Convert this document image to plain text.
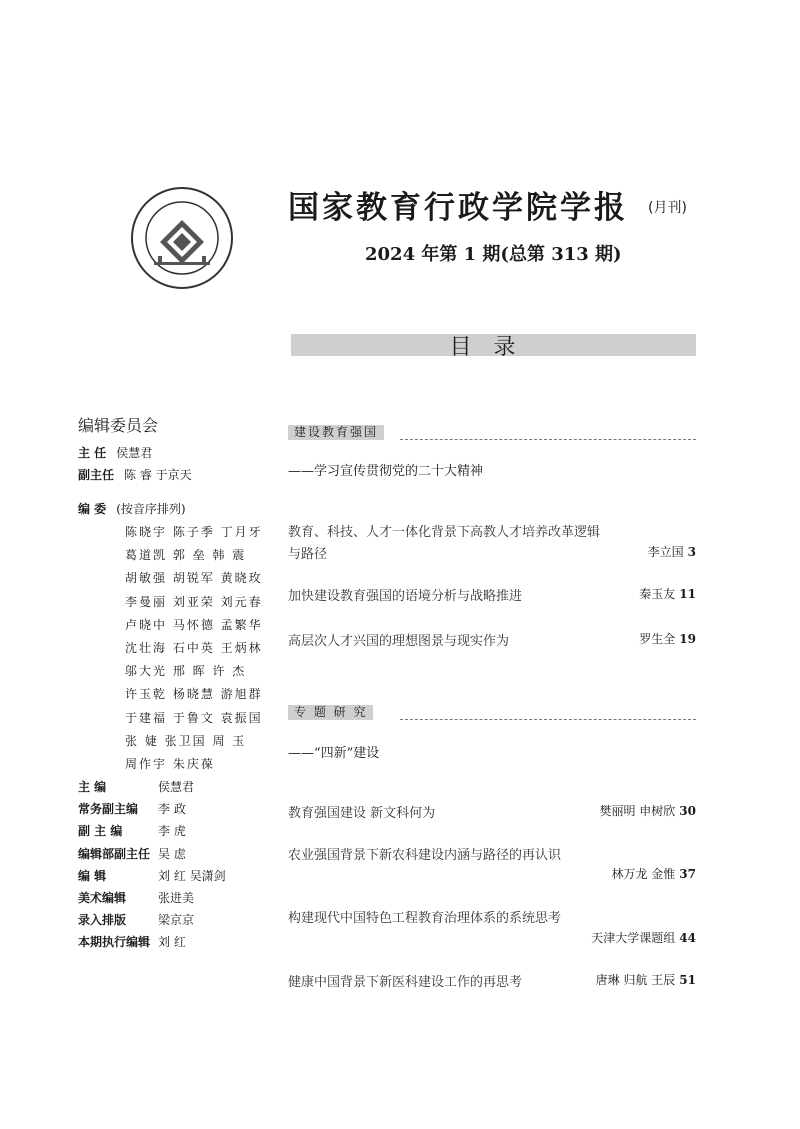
国家教育行政学院学报 (月刊)
2024 年第 1 期(总第 313 期)
目录
编辑委员会
主 任 侯慧君
副主任 陈 睿 于京天
编 委 (按音序排列)
陈晓宇 陈子季 丁月牙
葛道凯 郭 垒 韩 震
胡敏强 胡锐军 黄晓玫
李曼丽 刘亚荣 刘元春
卢晓中 马怀德 孟繁华
沈壮海 石中英 王炳林
邬大光 邢 晖 许 杰
许玉乾 杨晓慧 游旭群
于建福 于鲁文 袁振国
张 婕 张卫国 周 玉
周作宇 朱庆葆
主 编	侯慧君
常务副主编 李 政
副 主 编	李 虎
编辑部副主任 吴 虑
编 辑	刘 红 吴潇剑
美术编辑	张进美
录入排版	梁京京
本期执行编辑 刘 红
建设教育强国
——学习宣传贯彻党的二十大精神
教育、科技、人才一体化背景下高教人才培养改革逻辑
与路径	李立国 3
加快建设教育强国的语境分析与战略推进	秦玉友 11
高层次人才兴国的理想图景与现实作为	罗生全 19
专 题 研 究
——“四新”建设
教育强国建设 新文科何为	樊丽明 申树欣 30
农业强国背景下新农科建设内涵与路径的再认识
林万龙 金惟 37
构建现代中国特色工程教育治理体系的系统思考
天津大学课题组 44
健康中国背景下新医科建设工作的再思考	唐琳 归航 王辰 51
